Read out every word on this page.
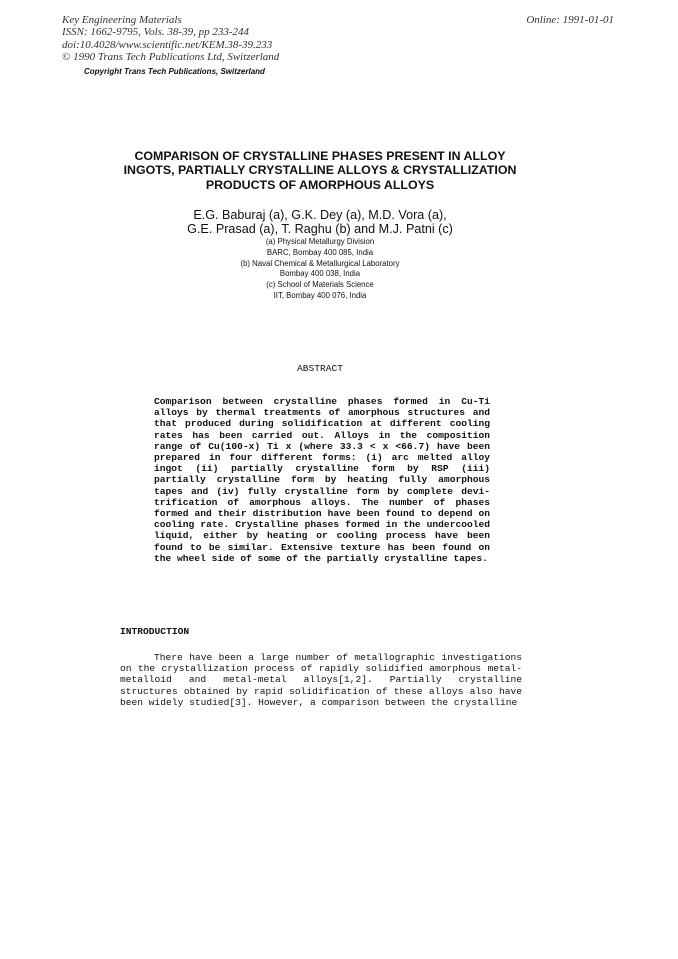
Key Engineering Materials
ISSN: 1662-9795, Vols. 38-39, pp 233-244
doi:10.4028/www.scientific.net/KEM.38-39.233
© 1990 Trans Tech Publications Ltd, Switzerland
Online: 1991-01-01
Copyright Trans Tech Publications, Switzerland
COMPARISON OF CRYSTALLINE PHASES PRESENT IN ALLOY
INGOTS, PARTIALLY CRYSTALLINE ALLOYS & CRYSTALLIZATION
PRODUCTS OF AMORPHOUS ALLOYS
E.G. Baburaj (a), G.K. Dey (a), M.D. Vora (a),
G.E. Prasad (a), T. Raghu (b) and M.J. Patni (c)
(a) Physical Metallurgy Division
BARC, Bombay 400 085, India
(b) Naval Chemical & Metallurgical Laboratory
Bombay 400 038, India
(c) School of Materials Science
IIT, Bombay 400 076, India
ABSTRACT

Comparison between crystalline phases formed in Cu-Ti alloys by thermal treatments of amorphous structures and that produced during solidification at different cooling rates has been carried out. Alloys in the composition range of Cu(100-x) Ti x (where 33.3 < x <66.7) have been prepared in four different forms: (i) arc melted alloy ingot (ii) partially crystalline form by RSP (iii) partially crystalline form by heating fully amorphous tapes and (iv) fully crystalline form by complete devi-trification of amorphous alloys. The number of phases formed and their distribution have been found to depend on cooling rate. Crystalline phases formed in the undercooled liquid, either by heating or cooling process have been found to be similar. Extensive texture has been found on the wheel side of some of the partially crystalline tapes.

INTRODUCTION

There have been a large number of metallographic investigations on the crystallization process of rapidly solidified amorphous metal-metalloid and metal-metal alloys[1,2]. Partially crystalline structures obtained by rapid solidification of these alloys also have been widely studied[3]. However, a comparison between the crystalline
